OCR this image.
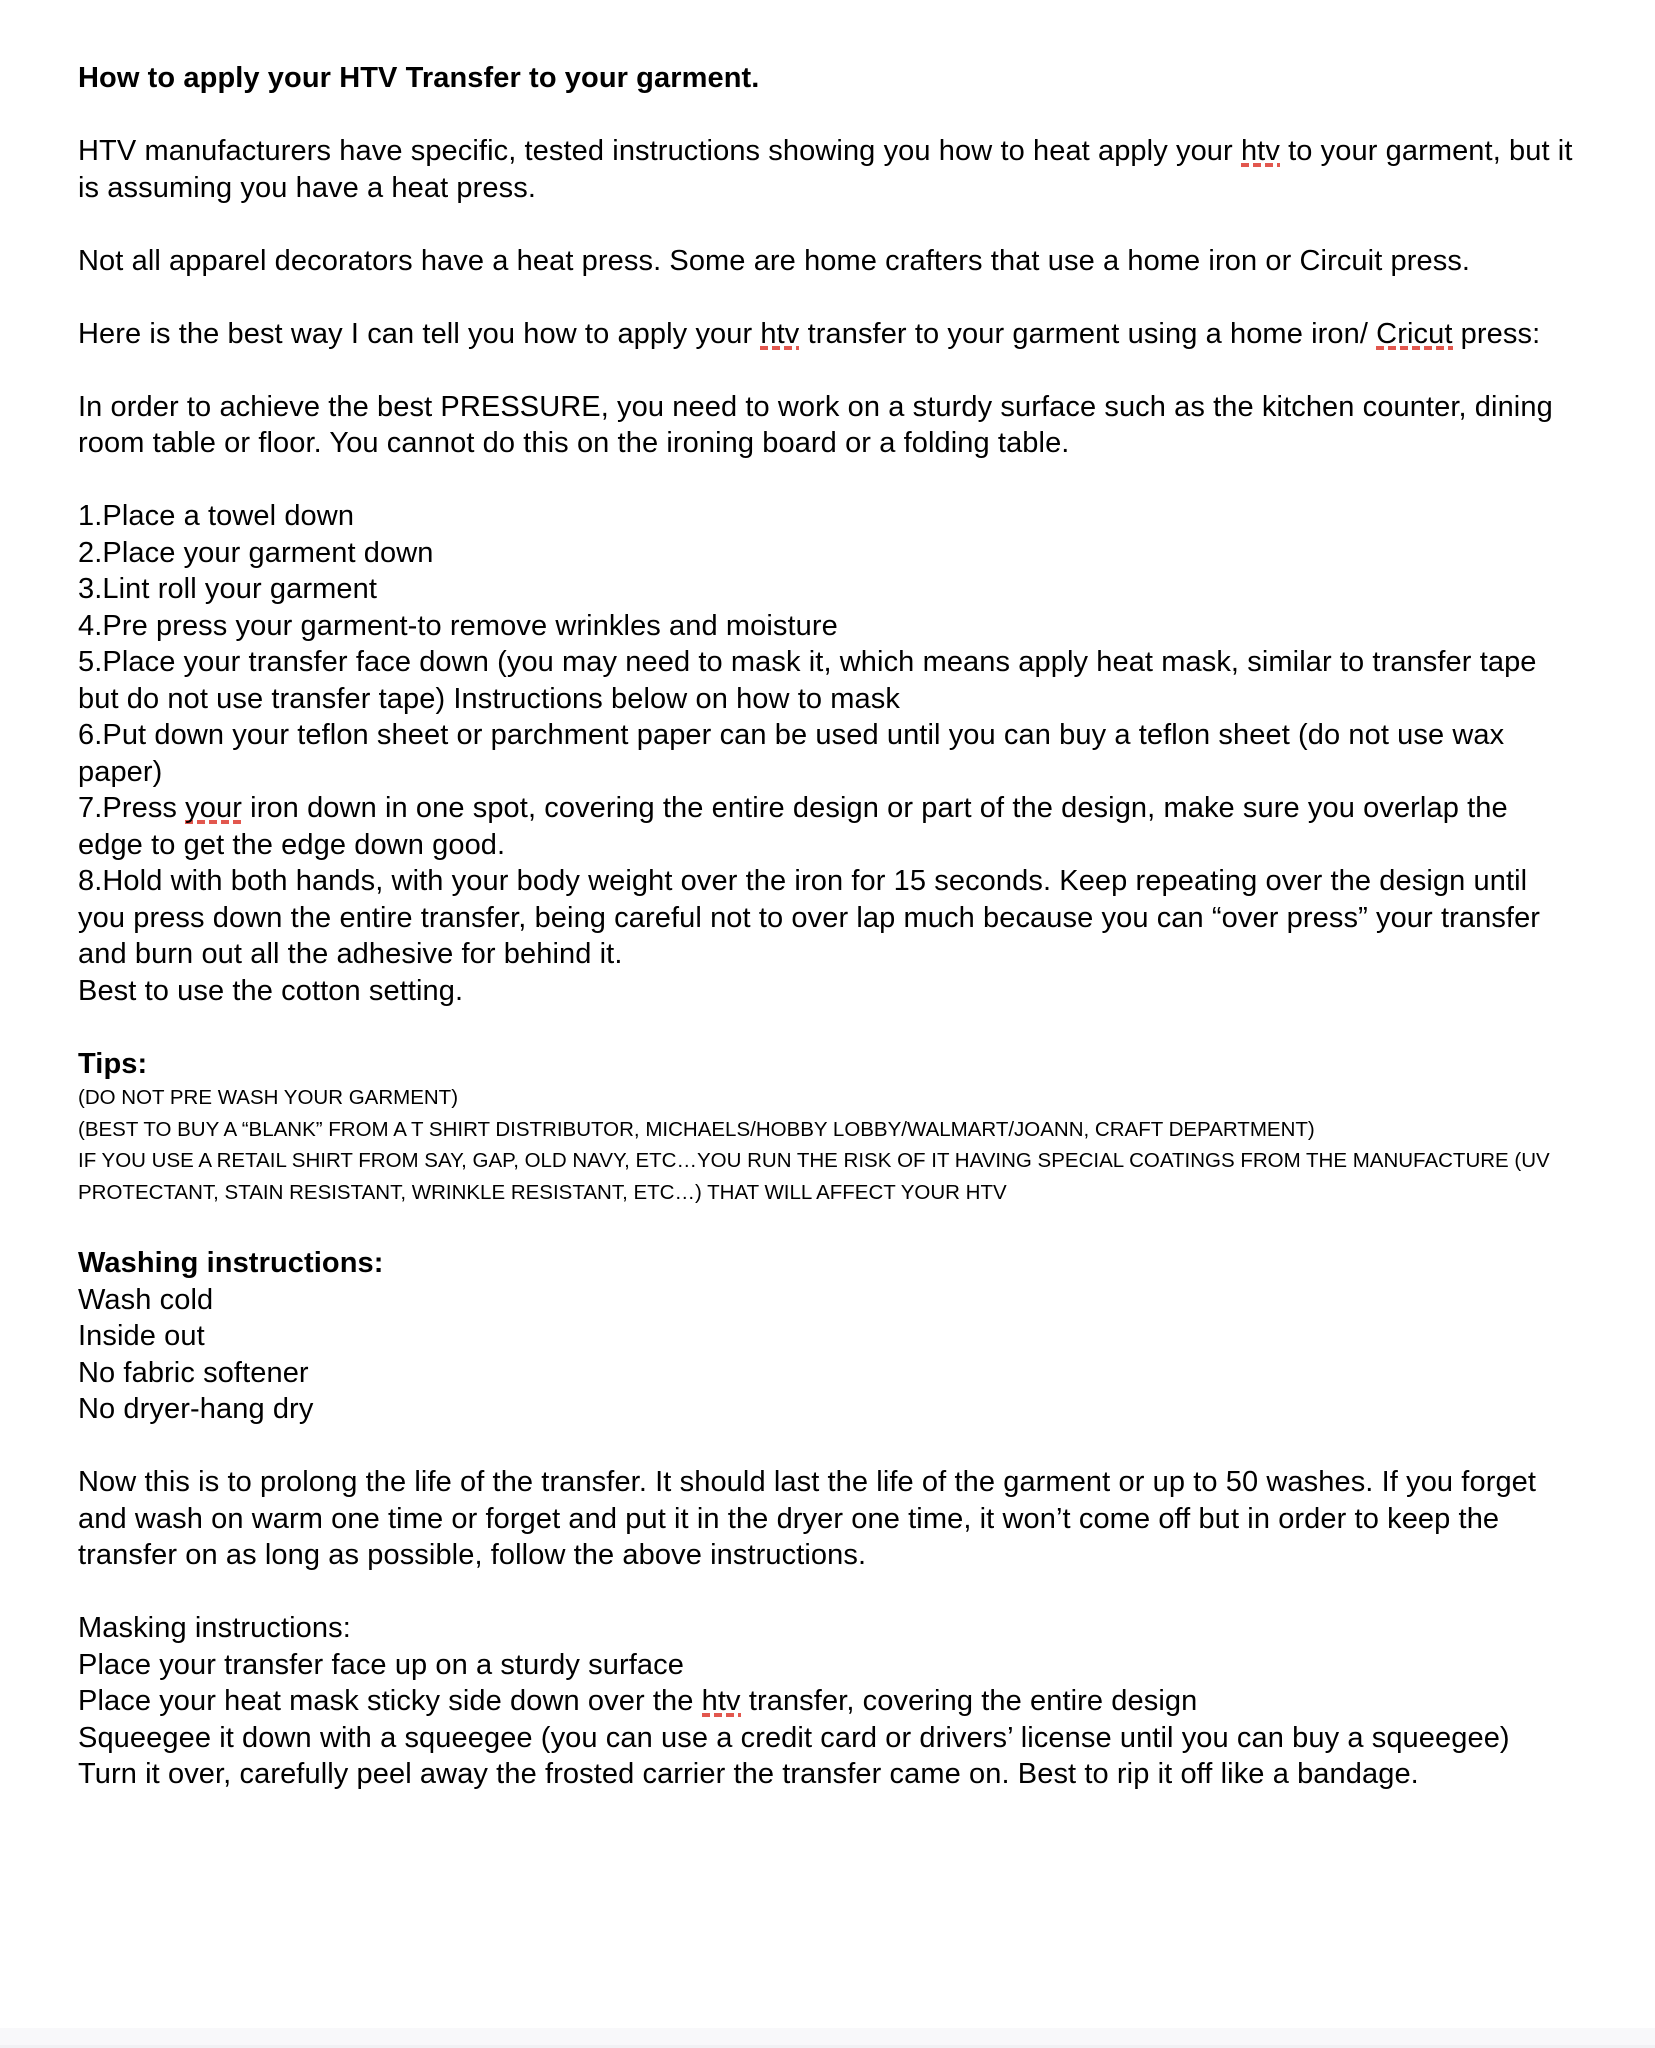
How to apply your HTV Transfer to your garment.
HTV manufacturers have specific, tested instructions showing you how to heat apply your htv to your garment, but it is assuming you have a heat press.
Not all apparel decorators have a heat press. Some are home crafters that use a home iron or Circuit press.
Here is the best way I can tell you how to apply your htv transfer to your garment using a home iron/ Cricut press:
In order to achieve the best PRESSURE, you need to work on a sturdy surface such as the kitchen counter, dining room table or floor. You cannot do this on the ironing board or a folding table.
1.Place a towel down
2.Place your garment down
3.Lint roll your garment
4.Pre press your garment-to remove wrinkles and moisture
5.Place your transfer face down (you may need to mask it, which means apply heat mask, similar to transfer tape but do not use transfer tape) Instructions below on how to mask
6.Put down your teflon sheet or parchment paper can be used until you can buy a teflon sheet (do not use wax paper)
7.Press your iron down in one spot, covering the entire design or part of the design, make sure you overlap the edge to get the edge down good.
8.Hold with both hands, with your body weight over the iron for 15 seconds. Keep repeating over the design until you press down the entire transfer, being careful not to over lap much because you can “over press” your transfer and burn out all the adhesive for behind it.
Best to use the cotton setting.
Tips:
(DO NOT PRE WASH YOUR GARMENT)
(BEST TO BUY A “BLANK” FROM A T SHIRT DISTRIBUTOR, MICHAELS/HOBBY LOBBY/WALMART/JOANN, CRAFT DEPARTMENT)
IF YOU USE A RETAIL SHIRT FROM SAY, GAP, OLD NAVY, ETC…YOU RUN THE RISK OF IT HAVING SPECIAL COATINGS FROM THE MANUFACTURE (UV PROTECTANT, STAIN RESISTANT, WRINKLE RESISTANT, ETC…) THAT WILL AFFECT YOUR HTV
Washing instructions:
Wash cold
Inside out
No fabric softener
No dryer-hang dry
Now this is to prolong the life of the transfer. It should last the life of the garment or up to 50 washes. If you forget and wash on warm one time or forget and put it in the dryer one time, it won’t come off but in order to keep the transfer on as long as possible, follow the above instructions.
Masking instructions:
Place your transfer face up on a sturdy surface
Place your heat mask sticky side down over the htv transfer, covering the entire design
Squeegee it down with a squeegee (you can use a credit card or drivers’ license until you can buy a squeegee)
Turn it over, carefully peel away the frosted carrier the transfer came on. Best to rip it off like a bandage.
